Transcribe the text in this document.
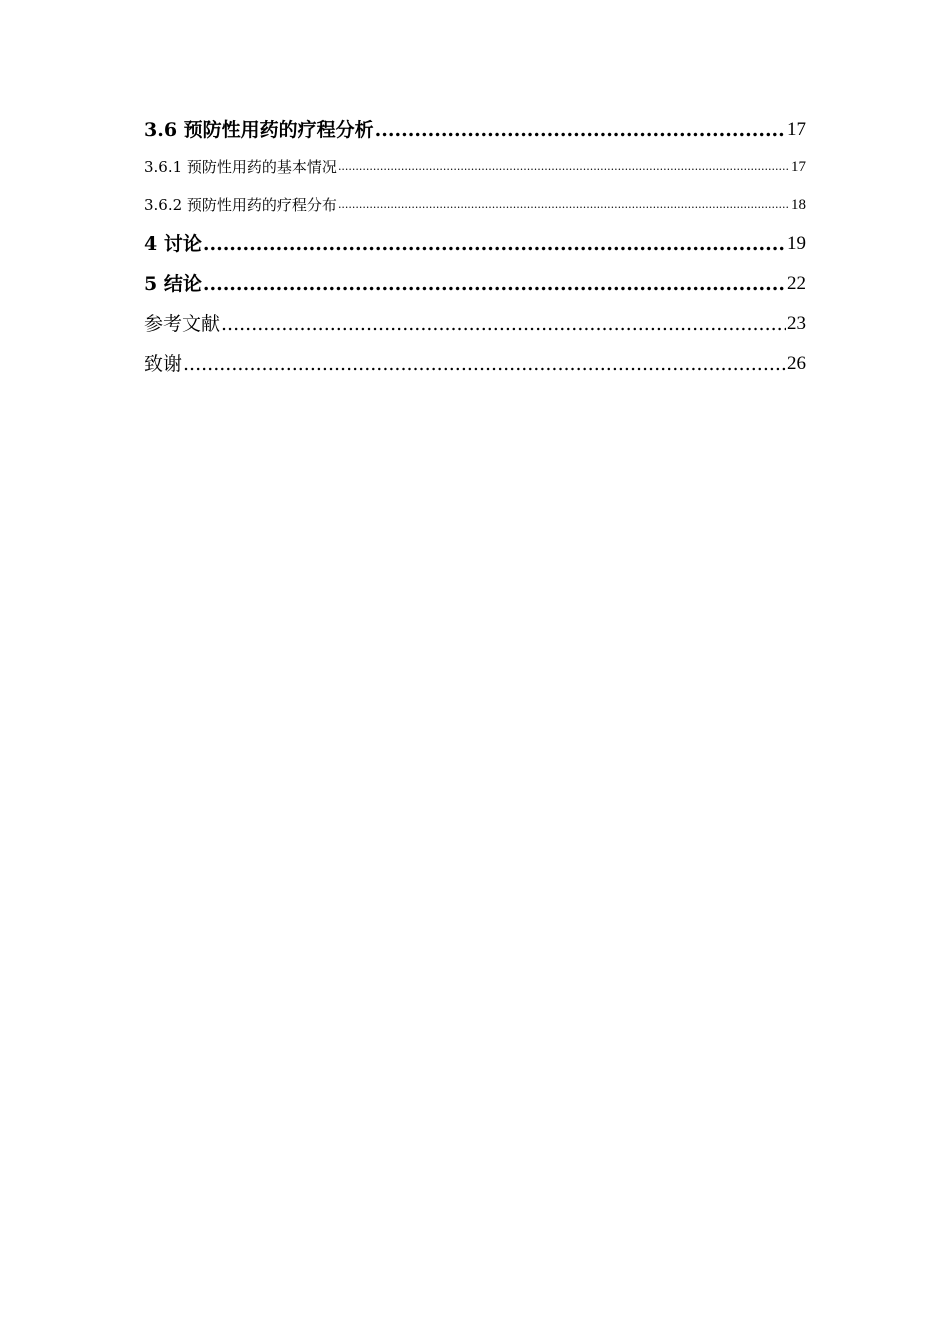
3.6 预防性用药的疗程分析 .....	17
3.6.1 预防性用药的基本情况 .....	17
3.6.2 预防性用药的疗程分布 .....	18
4 讨论 .....	19
5 结论 .....	22
参考文献 .....	23
致谢 .....	26
